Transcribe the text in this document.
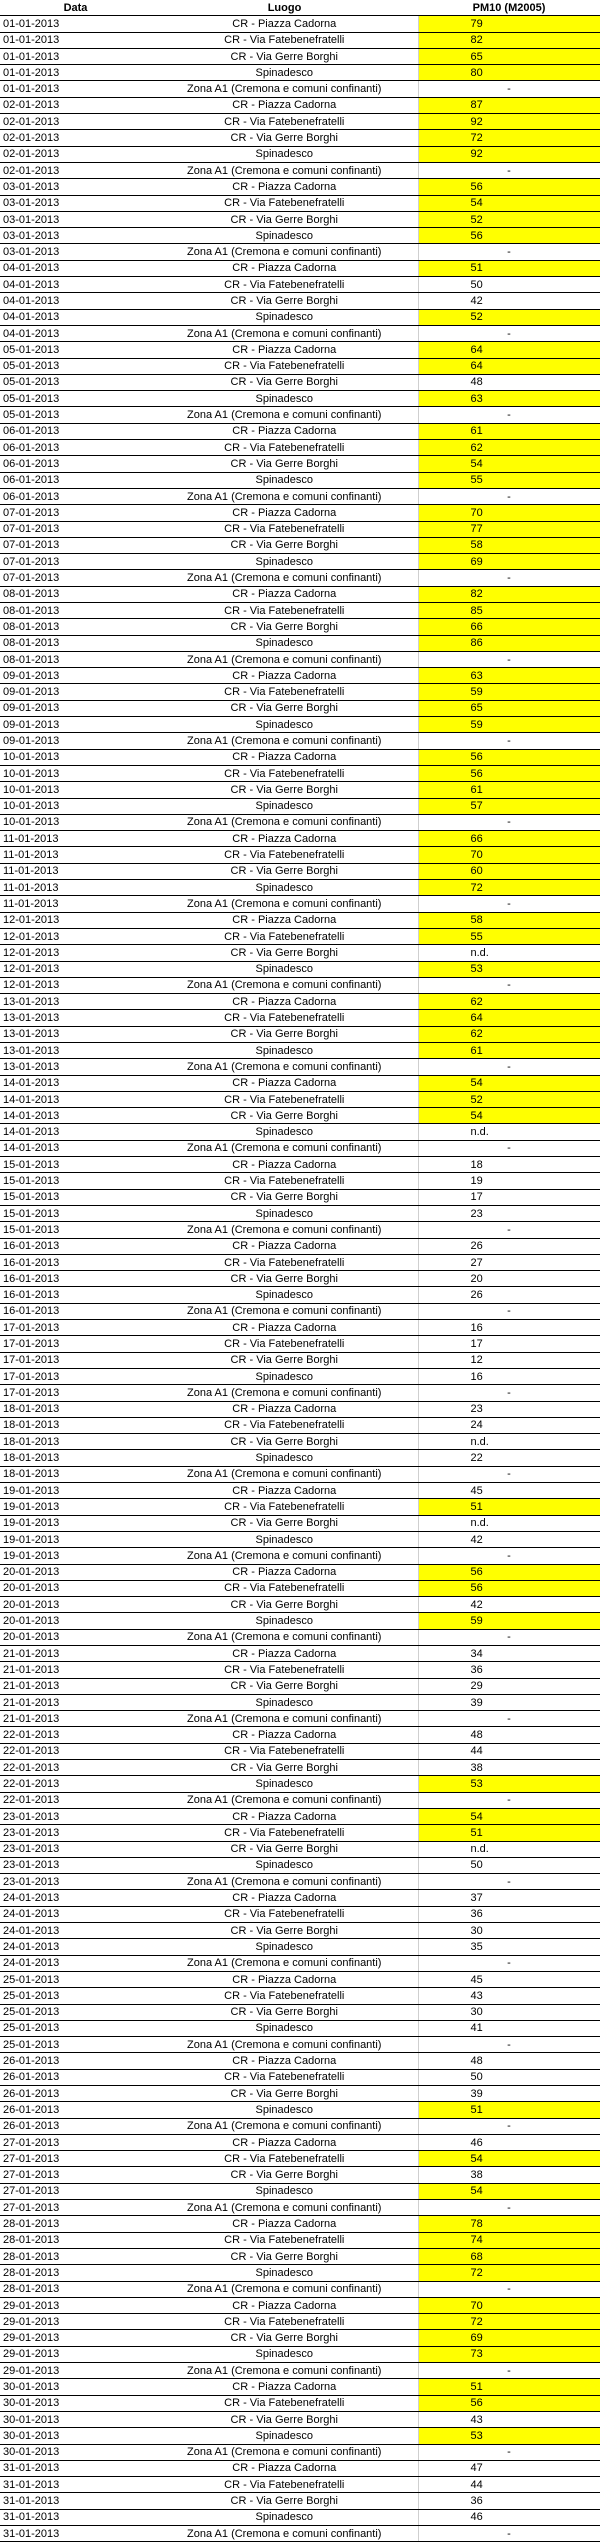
Data	Luogo	PM10 (M2005)
01-01-2013	CR - Piazza Cadorna	79
01-01-2013	CR - Via Fatebenefratelli	82
01-01-2013	CR - Via Gerre Borghi	65
01-01-2013	Spinadesco	80
01-01-2013	Zona A1 (Cremona e comuni confinanti)	-
02-01-2013	CR - Piazza Cadorna	87
02-01-2013	CR - Via Fatebenefratelli	92
02-01-2013	CR - Via Gerre Borghi	72
02-01-2013	Spinadesco	92
02-01-2013	Zona A1 (Cremona e comuni confinanti)	-
03-01-2013	CR - Piazza Cadorna	56
03-01-2013	CR - Via Fatebenefratelli	54
03-01-2013	CR - Via Gerre Borghi	52
03-01-2013	Spinadesco	56
03-01-2013	Zona A1 (Cremona e comuni confinanti)	-
04-01-2013	CR - Piazza Cadorna	51
04-01-2013	CR - Via Fatebenefratelli	50
04-01-2013	CR - Via Gerre Borghi	42
04-01-2013	Spinadesco	52
04-01-2013	Zona A1 (Cremona e comuni confinanti)	-
05-01-2013	CR - Piazza Cadorna	64
05-01-2013	CR - Via Fatebenefratelli	64
05-01-2013	CR - Via Gerre Borghi	48
05-01-2013	Spinadesco	63
05-01-2013	Zona A1 (Cremona e comuni confinanti)	-
06-01-2013	CR - Piazza Cadorna	61
06-01-2013	CR - Via Fatebenefratelli	62
06-01-2013	CR - Via Gerre Borghi	54
06-01-2013	Spinadesco	55
06-01-2013	Zona A1 (Cremona e comuni confinanti)	-
07-01-2013	CR - Piazza Cadorna	70
07-01-2013	CR - Via Fatebenefratelli	77
07-01-2013	CR - Via Gerre Borghi	58
07-01-2013	Spinadesco	69
07-01-2013	Zona A1 (Cremona e comuni confinanti)	-
08-01-2013	CR - Piazza Cadorna	82
08-01-2013	CR - Via Fatebenefratelli	85
08-01-2013	CR - Via Gerre Borghi	66
08-01-2013	Spinadesco	86
08-01-2013	Zona A1 (Cremona e comuni confinanti)	-
09-01-2013	CR - Piazza Cadorna	63
09-01-2013	CR - Via Fatebenefratelli	59
09-01-2013	CR - Via Gerre Borghi	65
09-01-2013	Spinadesco	59
09-01-2013	Zona A1 (Cremona e comuni confinanti)	-
10-01-2013	CR - Piazza Cadorna	56
10-01-2013	CR - Via Fatebenefratelli	56
10-01-2013	CR - Via Gerre Borghi	61
10-01-2013	Spinadesco	57
10-01-2013	Zona A1 (Cremona e comuni confinanti)	-
11-01-2013	CR - Piazza Cadorna	66
11-01-2013	CR - Via Fatebenefratelli	70
11-01-2013	CR - Via Gerre Borghi	60
11-01-2013	Spinadesco	72
11-01-2013	Zona A1 (Cremona e comuni confinanti)	-
12-01-2013	CR - Piazza Cadorna	58
12-01-2013	CR - Via Fatebenefratelli	55
12-01-2013	CR - Via Gerre Borghi	n.d.
12-01-2013	Spinadesco	53
12-01-2013	Zona A1 (Cremona e comuni confinanti)	-
13-01-2013	CR - Piazza Cadorna	62
13-01-2013	CR - Via Fatebenefratelli	64
13-01-2013	CR - Via Gerre Borghi	62
13-01-2013	Spinadesco	61
13-01-2013	Zona A1 (Cremona e comuni confinanti)	-
14-01-2013	CR - Piazza Cadorna	54
14-01-2013	CR - Via Fatebenefratelli	52
14-01-2013	CR - Via Gerre Borghi	54
14-01-2013	Spinadesco	n.d.
14-01-2013	Zona A1 (Cremona e comuni confinanti)	-
15-01-2013	CR - Piazza Cadorna	18
15-01-2013	CR - Via Fatebenefratelli	19
15-01-2013	CR - Via Gerre Borghi	17
15-01-2013	Spinadesco	23
15-01-2013	Zona A1 (Cremona e comuni confinanti)	-
16-01-2013	CR - Piazza Cadorna	26
16-01-2013	CR - Via Fatebenefratelli	27
16-01-2013	CR - Via Gerre Borghi	20
16-01-2013	Spinadesco	26
16-01-2013	Zona A1 (Cremona e comuni confinanti)	-
17-01-2013	CR - Piazza Cadorna	16
17-01-2013	CR - Via Fatebenefratelli	17
17-01-2013	CR - Via Gerre Borghi	12
17-01-2013	Spinadesco	16
17-01-2013	Zona A1 (Cremona e comuni confinanti)	-
18-01-2013	CR - Piazza Cadorna	23
18-01-2013	CR - Via Fatebenefratelli	24
18-01-2013	CR - Via Gerre Borghi	n.d.
18-01-2013	Spinadesco	22
18-01-2013	Zona A1 (Cremona e comuni confinanti)	-
19-01-2013	CR - Piazza Cadorna	45
19-01-2013	CR - Via Fatebenefratelli	51
19-01-2013	CR - Via Gerre Borghi	n.d.
19-01-2013	Spinadesco	42
19-01-2013	Zona A1 (Cremona e comuni confinanti)	-
20-01-2013	CR - Piazza Cadorna	56
20-01-2013	CR - Via Fatebenefratelli	56
20-01-2013	CR - Via Gerre Borghi	42
20-01-2013	Spinadesco	59
20-01-2013	Zona A1 (Cremona e comuni confinanti)	-
21-01-2013	CR - Piazza Cadorna	34
21-01-2013	CR - Via Fatebenefratelli	36
21-01-2013	CR - Via Gerre Borghi	29
21-01-2013	Spinadesco	39
21-01-2013	Zona A1 (Cremona e comuni confinanti)	-
22-01-2013	CR - Piazza Cadorna	48
22-01-2013	CR - Via Fatebenefratelli	44
22-01-2013	CR - Via Gerre Borghi	38
22-01-2013	Spinadesco	53
22-01-2013	Zona A1 (Cremona e comuni confinanti)	-
23-01-2013	CR - Piazza Cadorna	54
23-01-2013	CR - Via Fatebenefratelli	51
23-01-2013	CR - Via Gerre Borghi	n.d.
23-01-2013	Spinadesco	50
23-01-2013	Zona A1 (Cremona e comuni confinanti)	-
24-01-2013	CR - Piazza Cadorna	37
24-01-2013	CR - Via Fatebenefratelli	36
24-01-2013	CR - Via Gerre Borghi	30
24-01-2013	Spinadesco	35
24-01-2013	Zona A1 (Cremona e comuni confinanti)	-
25-01-2013	CR - Piazza Cadorna	45
25-01-2013	CR - Via Fatebenefratelli	43
25-01-2013	CR - Via Gerre Borghi	30
25-01-2013	Spinadesco	41
25-01-2013	Zona A1 (Cremona e comuni confinanti)	-
26-01-2013	CR - Piazza Cadorna	48
26-01-2013	CR - Via Fatebenefratelli	50
26-01-2013	CR - Via Gerre Borghi	39
26-01-2013	Spinadesco	51
26-01-2013	Zona A1 (Cremona e comuni confinanti)	-
27-01-2013	CR - Piazza Cadorna	46
27-01-2013	CR - Via Fatebenefratelli	54
27-01-2013	CR - Via Gerre Borghi	38
27-01-2013	Spinadesco	54
27-01-2013	Zona A1 (Cremona e comuni confinanti)	-
28-01-2013	CR - Piazza Cadorna	78
28-01-2013	CR - Via Fatebenefratelli	74
28-01-2013	CR - Via Gerre Borghi	68
28-01-2013	Spinadesco	72
28-01-2013	Zona A1 (Cremona e comuni confinanti)	-
29-01-2013	CR - Piazza Cadorna	70
29-01-2013	CR - Via Fatebenefratelli	72
29-01-2013	CR - Via Gerre Borghi	69
29-01-2013	Spinadesco	73
29-01-2013	Zona A1 (Cremona e comuni confinanti)	-
30-01-2013	CR - Piazza Cadorna	51
30-01-2013	CR - Via Fatebenefratelli	56
30-01-2013	CR - Via Gerre Borghi	43
30-01-2013	Spinadesco	53
30-01-2013	Zona A1 (Cremona e comuni confinanti)	-
31-01-2013	CR - Piazza Cadorna	47
31-01-2013	CR - Via Fatebenefratelli	44
31-01-2013	CR - Via Gerre Borghi	36
31-01-2013	Spinadesco	46
31-01-2013	Zona A1 (Cremona e comuni confinanti)	-
